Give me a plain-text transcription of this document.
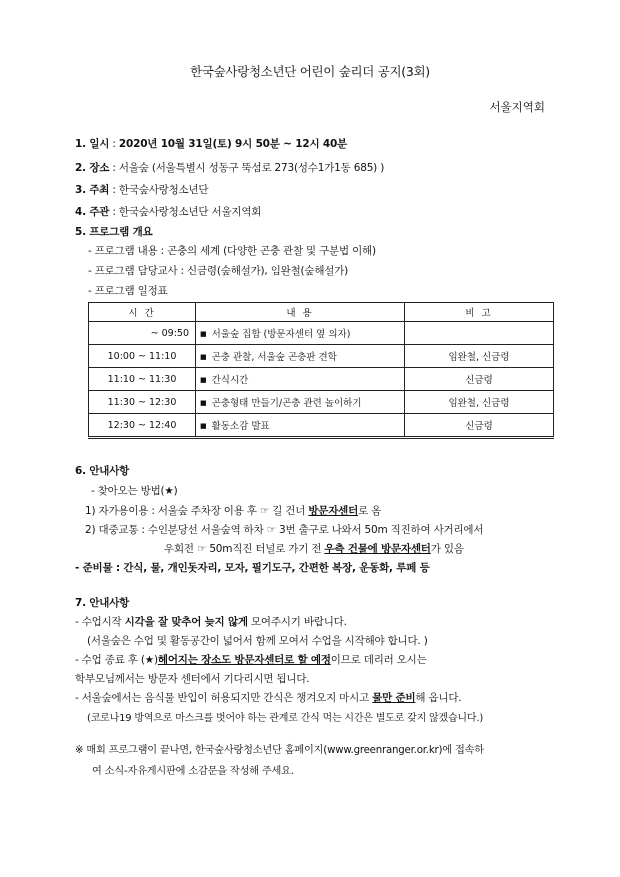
한국숲사랑청소년단 어린이 숲리더 공지(3회)
서울지역회
1. 일시 : 2020년 10월 31일(토) 9시 50분 ~ 12시 40분
2. 장소 : 서울숲 (서울특별시 성동구 뚝섬로 273(성수1가1동 685) )
3. 주최 : 한국숲사랑청소년단
4. 주관 : 한국숲사랑청소년단 서울지역회
5. 프로그램 개요
- 프로그램 내용 : 곤충의 세계 (다양한 곤충 관찰 및 구분법 이해)
- 프로그램 담당교사 : 신금령(숲해설가), 임완철(숲해설가)
- 프로그램 일정표
시 간	내 용	비 고
~ 09:50	■ 서울숲 집합 (방문자센터 옆 의자)	
10:00 ~ 11:10	■ 곤충 관찰, 서울숲 곤충판 견학	임완철, 신금령
11:10 ~ 11:30	■ 간식시간	신금령
11:30 ~ 12:30	■ 곤충형태 만들기/곤충 관련 놀이하기	임완철, 신금령
12:30 ~ 12:40	■ 활동소감 발표	신금령
6. 안내사항
- 찾아오는 방법(★)
1) 자가용이용 : 서울숲 주차장 이용 후 ☞ 길 건너 방문자센터로 옴
2) 대중교통 : 수인분당선 서울숲역 하차 ☞ 3번 출구로 나와서 50m 직진하여 사거리에서
우회전 ☞ 50m직진 터널로 가기 전 우측 건물에 방문자센터가 있음
- 준비물 : 간식, 물, 개인돗자리, 모자, 필기도구, 간편한 복장, 운동화, 루페 등
7. 안내사항
- 수업시작 시각을 잘 맞추어 늦지 않게 모여주시기 바랍니다.
(서울숲은 수업 및 활동공간이 넓어서 함께 모여서 수업을 시작해야 합니다. )
- 수업 종료 후 (★)헤어지는 장소도 방문자센터로 할 예정이므로 데리러 오시는
학부모님께서는 방문자 센터에서 기다리시면 됩니다.
- 서울숲에서는 음식물 반입이 허용되지만 간식은 챙겨오지 마시고 물만 준비해 옵니다.
(코로나19 방역으로 마스크를 벗어야 하는 관계로 간식 먹는 시간은 별도로 갖지 않겠습니다.)
※ 매회 프로그램이 끝나면, 한국숲사랑청소년단 홈페이지(www.greenranger.or.kr)에 접속하
여 소식-자유게시판에 소감문을 작성해 주세요.
